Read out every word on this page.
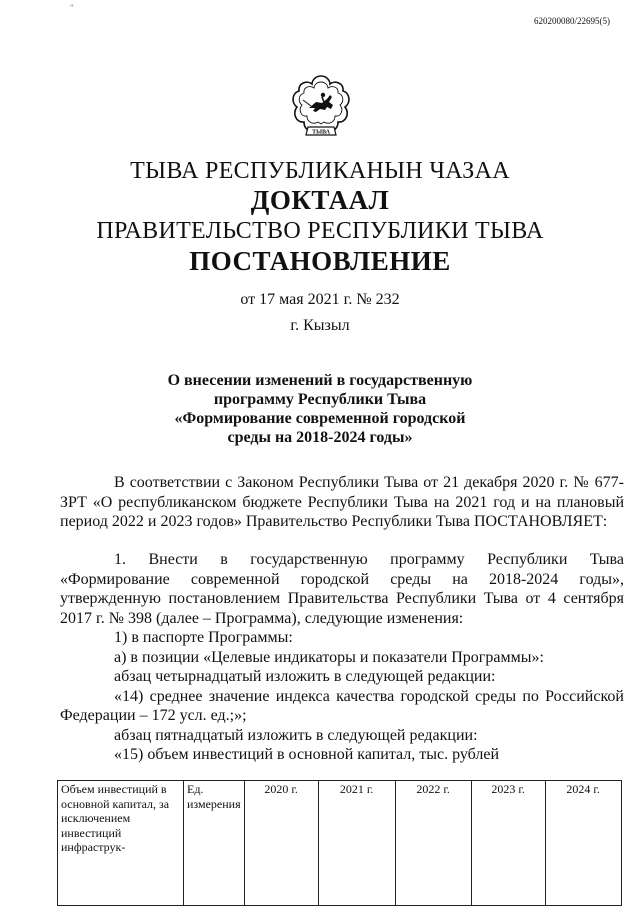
"
620200080/22695(5)
ТЫВА
ТЫВА РЕСПУБЛИКАНЫН ЧАЗАА
ДОКТААЛ
ПРАВИТЕЛЬСТВО РЕСПУБЛИКИ ТЫВА
ПОСТАНОВЛЕНИЕ
от 17 мая 2021 г. № 232
г. Кызыл
О внесении изменений в государственную
программу Республики Тыва
«Формирование современной городской
среды на 2018-2024 годы»

В соответствии с Законом Республики Тыва от 21 декабря 2020 г. № 677-ЗРТ «О республиканском бюджете Республики Тыва на 2021 год и на плановый период 2022 и 2023 годов» Правительство Республики Тыва ПОСТАНОВЛЯЕТ:

1. Внести в государственную программу Республики Тыва «Формирование современной городской среды на 2018-2024 годы», утвержденную постановлением Правительства Республики Тыва от 4 сентября 2017 г. № 398 (далее – Программа), следующие изменения:

1) в паспорте Программы:

а) в позиции «Целевые индикаторы и показатели Программы»:

абзац четырнадцатый изложить в следующей редакции:

«14) среднее значение индекса качества городской среды по Российской Федерации – 172 усл. ед.;»;

абзац пятнадцатый изложить в следующей редакции:

«15) объем инвестиций в основной капитал, тыс. рублей

Объем инвестиций в основной капитал, за исключением инвестиций инфраструк-	Ед. измерения	2020 г.	2021 г.	2022 г.	2023 г.	2024 г.
